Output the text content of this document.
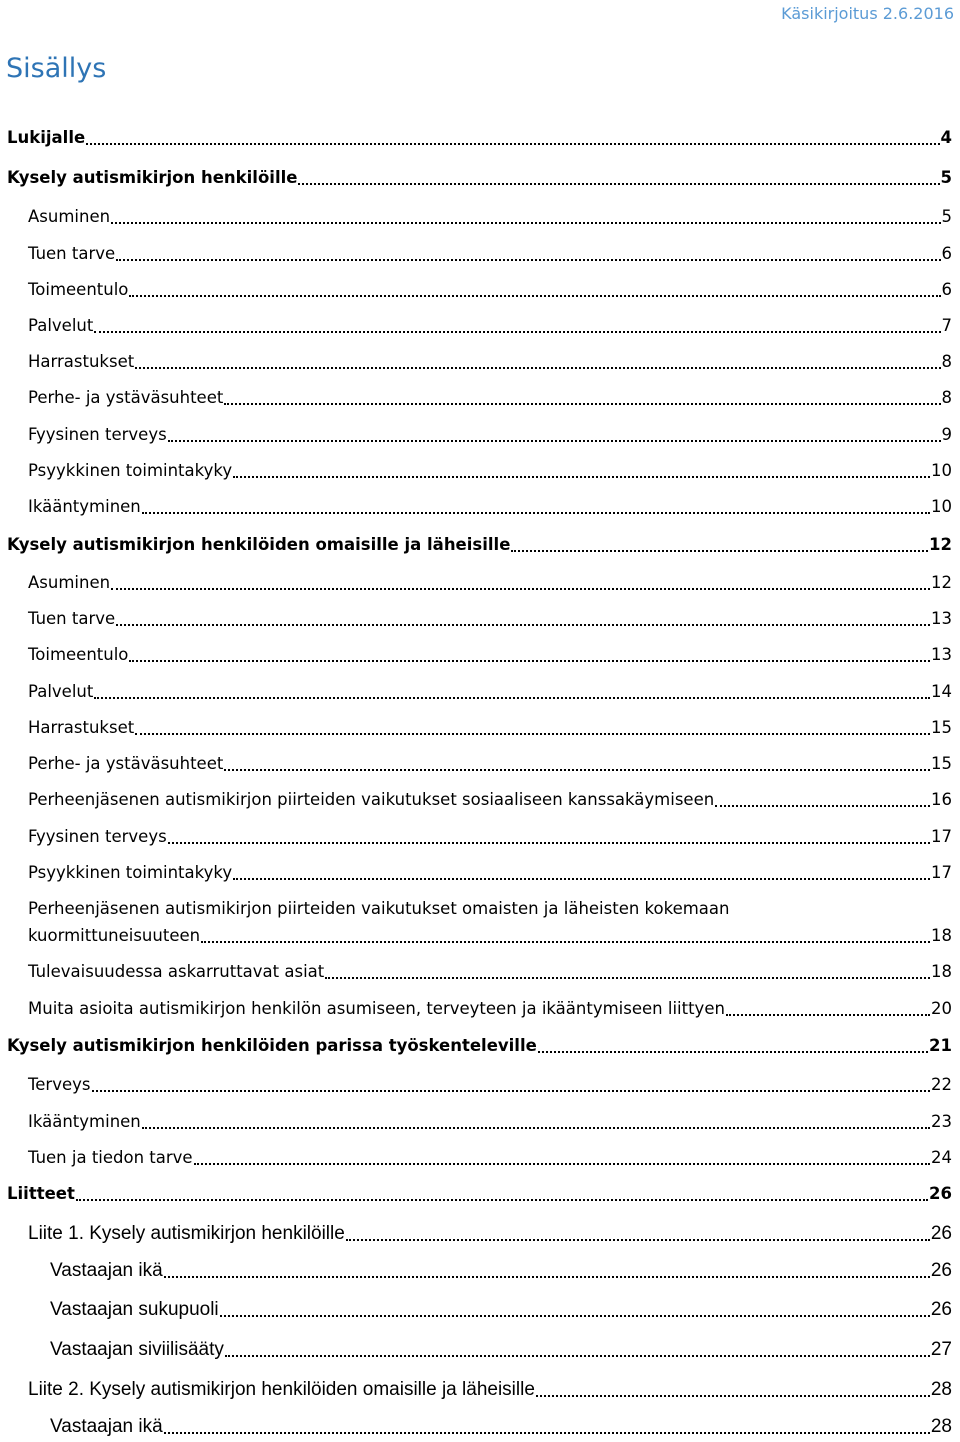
Käsikirjoitus 2.6.2016
Sisällys
Lukijalle	4
Kysely autismikirjon henkilöille	5
Asuminen	5
Tuen tarve	6
Toimeentulo	6
Palvelut	7
Harrastukset	8
Perhe- ja ystäväsuhteet	8
Fyysinen terveys	9
Psyykkinen toimintakyky	10
Ikääntyminen	10
Kysely autismikirjon henkilöiden omaisille ja läheisille	12
Asuminen	12
Tuen tarve	13
Toimeentulo	13
Palvelut	14
Harrastukset	15
Perhe- ja ystäväsuhteet	15
Perheenjäsenen autismikirjon piirteiden vaikutukset sosiaaliseen kanssakäymiseen	16
Fyysinen terveys	17
Psyykkinen toimintakyky	17
Perheenjäsenen autismikirjon piirteiden vaikutukset omaisten ja läheisten kokemaan
kuormittuneisuuteen	18
Tulevaisuudessa askarruttavat asiat	18
Muita asioita autismikirjon henkilön asumiseen, terveyteen ja ikääntymiseen liittyen	20
Kysely autismikirjon henkilöiden parissa työskenteleville	21
Terveys	22
Ikääntyminen	23
Tuen ja tiedon tarve	24
Liitteet	26
Liite 1. Kysely autismikirjon henkilöille	26
Vastaajan ikä	26
Vastaajan sukupuoli	26
Vastaajan siviilisääty	27
Liite 2. Kysely autismikirjon henkilöiden omaisille ja läheisille	28
Vastaajan ikä	28
